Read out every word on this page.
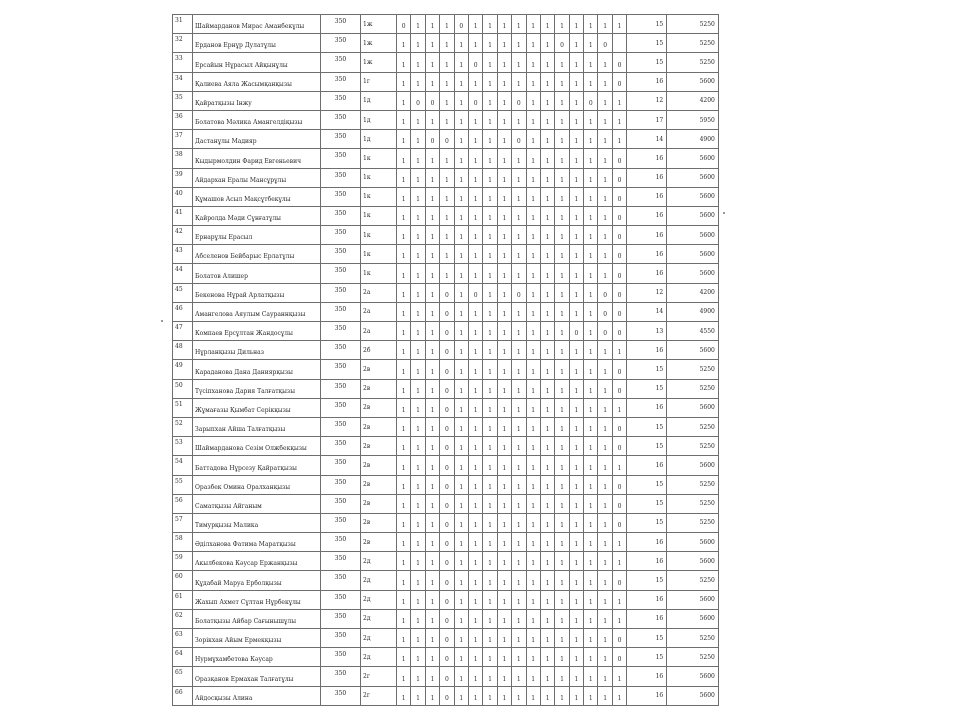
31	Шаймарданов Мирас Аманбекұлы	350	1ж	0	1	1	1	0	1	1	1	1	1	1	1	1	1	1	1	15	5250
32	Ерданов Ернұр Дулатұлы	350	1ж	1	1	1	1	1	1	1	1	1	1	1	0	1	1	0		15	5250
33	Ерсайын Нұрасыл Айқынұлы	350	1ж	1	1	1	1	1	0	1	1	1	1	1	1	1	1	1	0	15	5250
34	Қалиева Аяла Жасымқанқызы	350	1г	1	1	1	1	1	1	1	1	1	1	1	1	1	1	1	0	16	5600
35	Қайратқызы Інжу	350	1д	1	0	0	1	1	0	1	1	0	1	1	1	1	0	1	1	12	4200
36	Болатова Мәлика Амангелдіқызы	350	1д	1	1	1	1	1	1	1	1	1	1	1	1	1	1	1	1	17	5950
37	Дастанұлы Мадияр	350	1д	1	1	0	0	1	1	1	1	0	1	1	1	1	1	1	1	14	4900
38	Кыдырмолдин Фарид Евгеньевич	350	1к	1	1	1	1	1	1	1	1	1	1	1	1	1	1	1	0	16	5600
39	Айдархан Ералы Мансұрұлы	350	1к	1	1	1	1	1	1	1	1	1	1	1	1	1	1	1	0	16	5600
40	Құмашов Асыл Мақсұтбекұлы	350	1к	1	1	1	1	1	1	1	1	1	1	1	1	1	1	1	0	16	5600
41	Қайролда Мәди Сұнғатұлы	350	1к	1	1	1	1	1	1	1	1	1	1	1	1	1	1	1	0	16	5600
42	Ернарұлы Ерасыл	350	1к	1	1	1	1	1	1	1	1	1	1	1	1	1	1	1	0	16	5600
43	Абселенов Бейбарыс Ерлатұлы	350	1к	1	1	1	1	1	1	1	1	1	1	1	1	1	1	1	0	16	5600
44	Болатов Алишер	350	1к	1	1	1	1	1	1	1	1	1	1	1	1	1	1	1	0	16	5600
45	Бекенова Нұрай Арлатқызы	350	2а	1	1	1	0	1	0	1	1	0	1	1	1	1	1	0	0	12	4200
46	Амангелова Аяулым Саураннқызы	350	2а	1	1	1	0	1	1	1	1	1	1	1	1	1	1	0	0	14	4900
47	Компаев Ерсұлтан Жандосұлы	350	2а	1	1	1	0	1	1	1	1	1	1	1	1	0	1	0	0	13	4550
48	Нұрланқызы Дильназ	350	2б	1	1	1	0	1	1	1	1	1	1	1	1	1	1	1	1	16	5600
49	Караданова Дана Даниярқызы	350	2в	1	1	1	0	1	1	1	1	1	1	1	1	1	1	1	0	15	5250
50	Түсіпханова Дария Талғатқызы	350	2в	1	1	1	0	1	1	1	1	1	1	1	1	1	1	1	0	15	5250
51	Жұмағазы Қымбат Серікқызы	350	2в	1	1	1	0	1	1	1	1	1	1	1	1	1	1	1	1	16	5600
52	Зарыпхан Айша Талғатқызы	350	2в	1	1	1	0	1	1	1	1	1	1	1	1	1	1	1	0	15	5250
53	Шаймарданова Сезім Олжбекқызы	350	2в	1	1	1	0	1	1	1	1	1	1	1	1	1	1	1	0	15	5250
54	Баттадова Нұрсезу Қайратқызы	350	2в	1	1	1	0	1	1	1	1	1	1	1	1	1	1	1	1	16	5600
55	Оразбек Омина Оралханқызы	350	2в	1	1	1	0	1	1	1	1	1	1	1	1	1	1	1	0	15	5250
56	Саматқызы Айганым	350	2в	1	1	1	0	1	1	1	1	1	1	1	1	1	1	1	0	15	5250
57	Тимурқызы Малика	350	2в	1	1	1	0	1	1	1	1	1	1	1	1	1	1	1	0	15	5250
58	Әділханова Фатима Маратқызы	350	2в	1	1	1	0	1	1	1	1	1	1	1	1	1	1	1	1	16	5600
59	Акылбекова Кәусар Ержанқызы	350	2д	1	1	1	0	1	1	1	1	1	1	1	1	1	1	1	1	16	5600
60	Құдабай Маруа Ерболқызы	350	2д	1	1	1	0	1	1	1	1	1	1	1	1	1	1	1	0	15	5250
61	Жахып Ахмет Сұлтан Нұрбекұлы	350	2д	1	1	1	0	1	1	1	1	1	1	1	1	1	1	1	1	16	5600
62	Болатқызы Айбар Сағынышұлы	350	2д	1	1	1	0	1	1	1	1	1	1	1	1	1	1	1	1	16	5600
63	Зорікхан Айым Ермекқызы	350	2д	1	1	1	0	1	1	1	1	1	1	1	1	1	1	1	0	15	5250
64	Нурмұхамбетова Кәусар	350	2д	1	1	1	0	1	1	1	1	1	1	1	1	1	1	1	0	15	5250
65	Оразқанов Ермахан Талғатұлы	350	2г	1	1	1	0	1	1	1	1	1	1	1	1	1	1	1	1	16	5600
66	Айдосқызы Алина	350	2г	1	1	1	0	1	1	1	1	1	1	1	1	1	1	1	1	16	5600
